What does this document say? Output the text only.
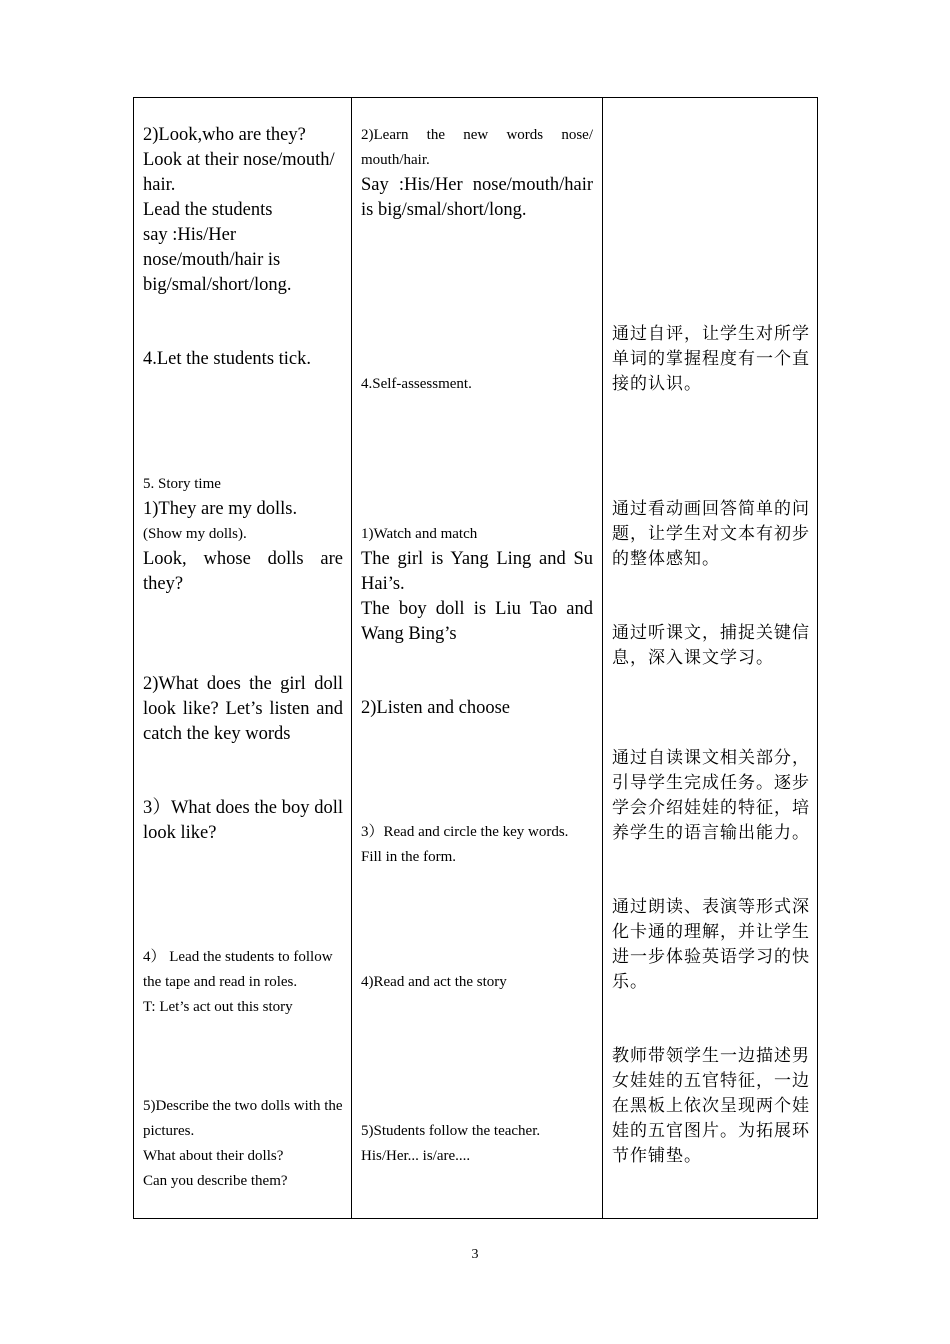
2)Look,who are they?
Look at their nose/mouth/ hair.
Lead the students
say :His/Her
nose/mouth/hair is
big/smal/short/long.
4.Let the students tick.
5. Story time
1)They are my dolls.
(Show my dolls).
Look, whose dolls are they?
2)What does the girl doll look like? Let’s listen and catch the key words
3）What does the boy doll look like?
4） Lead the students to follow the tape and read in roles.
T: Let’s act out this story
5)Describe the two dolls with the pictures.
What about their dolls?
Can you describe them?
2)Learn the new words nose/ mouth/hair.
Say :His/Her nose/mouth/hair is big/smal/short/long.
4.Self-assessment.
1)Watch and match
The girl is Yang Ling and Su Hai’s.
The boy doll is Liu Tao and Wang Bing’s
2)Listen and choose
3）Read and circle the key words.
Fill in the form.
4)Read and act the story
5)Students follow the teacher.
His/Her... is/are....
通过自评，让学生对所学单词的掌握程度有一个直接的认识。
通过看动画回答简单的问题，让学生对文本有初步的整体感知。
通过听课文，捕捉关键信息，深入课文学习。
通过自读课文相关部分，引导学生完成任务。逐步学会介绍娃娃的特征，培养学生的语言输出能力。
通过朗读、表演等形式深化卡通的理解，并让学生进一步体验英语学习的快乐。
教师带领学生一边描述男女娃娃的五官特征，一边在黑板上依次呈现两个娃娃的五官图片。为拓展环节作铺垫。
3
